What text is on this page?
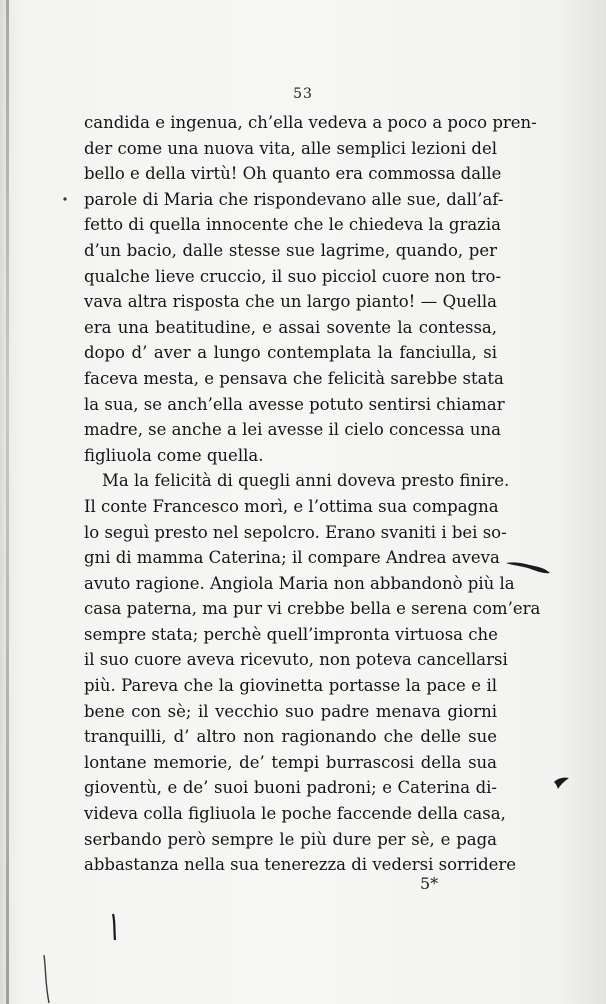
53
candida e ingenua, ch’ella vedeva a poco a poco pren-
der come una nuova vita, alle semplici lezioni del
bello e della virtù! Oh quanto era commossa dalle
parole di Maria che rispondevano alle sue, dall’af-
fetto di quella innocente che le chiedeva la grazia
d’un bacio, dalle stesse sue lagrime, quando, per
qualche lieve cruccio, il suo picciol cuore non tro-
vava altra risposta che un largo pianto! — Quella
era una beatitudine, e assai sovente la contessa,
dopo d’ aver a lungo contemplata la fanciulla, si
faceva mesta, e pensava che felicità sarebbe stata
la sua, se anch’ella avesse potuto sentirsi chiamar
madre, se anche a lei avesse il cielo concessa una
figliuola come quella.
Ma la felicità di quegli anni doveva presto finire.
Il conte Francesco morì, e l’ottima sua compagna
lo seguì presto nel sepolcro. Erano svaniti i bei so-
gni di mamma Caterina; il compare Andrea aveva
avuto ragione. Angiola Maria non abbandonò più la
casa paterna, ma pur vi crebbe bella e serena com’era
sempre stata; perchè quell’impronta virtuosa che
il suo cuore aveva ricevuto, non poteva cancellarsi
più. Pareva che la giovinetta portasse la pace e il
bene con sè; il vecchio suo padre menava giorni
tranquilli, d’ altro non ragionando che delle sue
lontane memorie, de’ tempi burrascosi della sua
gioventù, e de’ suoi buoni padroni; e Caterina di-
videva colla figliuola le poche faccende della casa,
serbando però sempre le più dure per sè, e paga
abbastanza nella sua tenerezza di vedersi sorridere
5*
